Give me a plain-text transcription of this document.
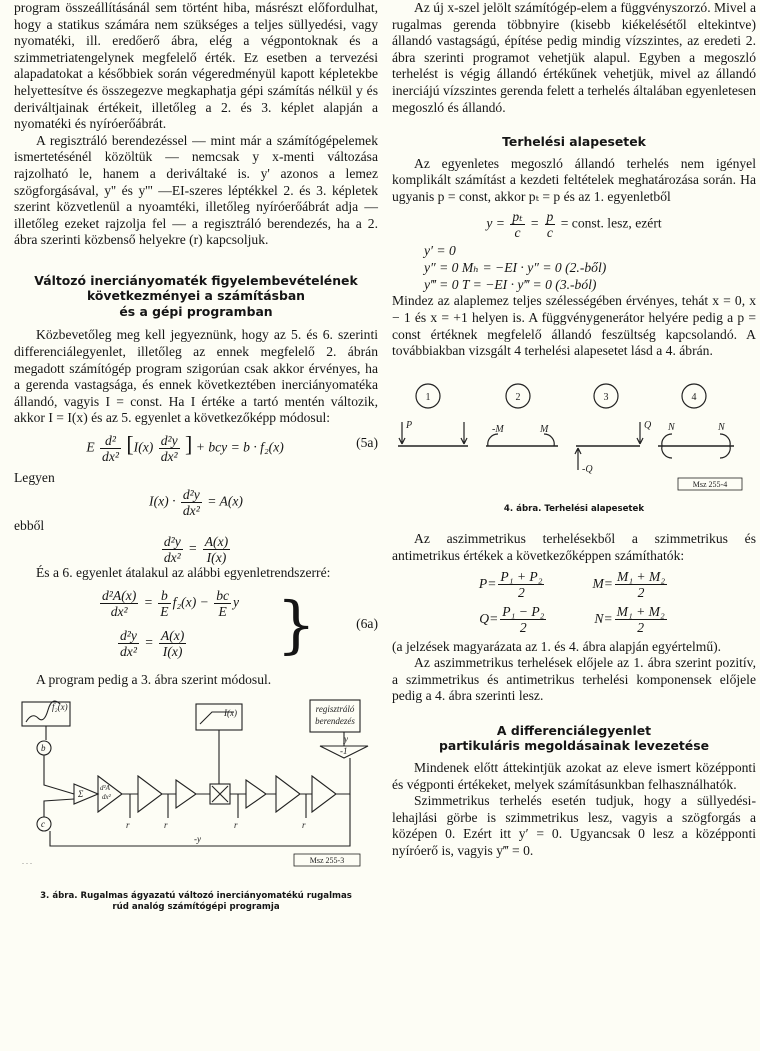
program összeállításánál sem történt hiba, másrészt előfordulhat, hogy a statikus számára nem szükséges a teljes süllyedési, vagy nyomatéki, ill. eredőerő ábra, elég a végpontoknak és a szimmetriatengelynek megfelelő érték. Ez esetben a tervezési alapadatokat a későbbiek során végeredményül kapott képletekbe helyettesítve és összegezve megkaphatja gépi számítás nélkül y és deriváltjainak értékeit, illetőleg a 2. és 3. képlet alapján a nyomatéki és nyíróerőábrát.

A regisztráló berendezéssel — mint már a számítógépelemek ismertetésénél közöltük — nemcsak y x-menti változása rajzolható le, hanem a deriváltaké is. y' azonos a lemez szögforgásával, y'' és y''' —EI-szeres léptékkel 2. és 3. képletek szerint közvetlenül a nyoamtéki, illetőleg nyíróerőábrát adja — illetőleg ezeket rajzolja fel — a regisztráló berendezés, ha a 2. ábra szerinti közbenső helyekre (r) kapcsoljuk.

Változó inerciányomaték figyelembevételének
következményei a számításban
és a gépi programban

Közbevetőleg meg kell jegyeznünk, hogy az 5. és 6. szerinti differenciálegyenlet, illetőleg az ennek megfelelő 2. ábrán megadott számítógép program szigorúan csak akkor érvényes, ha a gerenda vastagsága, és ennek következtében inerciányomatéka állandó, vagyis I = const. Ha I értéke a tartó mentén változik, akkor I = I(x) és az 5. egyenlet a következőképp módosul:

(5a)
E $\frac{\text{d²}}{\text{dx²}} [I(x) \frac{\text{d²y}}{\text{dx²}}$ ] + bcy = b · f₂(x)

Legyen

$I(x) \cdot \frac{\text{d²y}}{\text{dx²}} = A(x)$

ebből

$\frac{\text{d²y}}{\text{dx²}} = \frac{A(x)}{I(x)}$

És a 6. egyenlet átalakul az alábbi egyenletrendszerré:

$\frac{\text{d²A(x)}}{\text{dx²}} = \frac{b}{E} f_2(x) - \frac{bc}{E}$ y
$\frac{\text{d²y}}{\text{dx²}} = \frac{A(x)}{I(x)}$ }	(6a)

A program pedig a 3. ábra szerint módosul.

f₂(x)
I(x)	regisztráló
berendezés
b
Σ
d²A
dx²
-1
c	r	r	r	r
-y
y
. . .	Msz 255-3
3. ábra. Rugalmas ágyazatú változó inerciányomatékú rugalmas
rúd analóg számítógépi programja

Az új x-szel jelölt számítógép-elem a függvényszorzó. Mivel a rugalmas gerenda többnyire (kisebb kiékelésétől eltekintve) állandó vastagságú, építése pedig mindig vízszintes, az eredeti 2. ábra szerinti programot vehetjük alapul. Egyben a megoszló terhelést is végig állandó értékűnek vehetjük, mivel az állandó inerciájú vízszintes gerenda felett a terhelés általában egyenletesen megoszló és állandó.

Terhelési alapesetek

Az egyenletes megoszló állandó terhelés nem igényel komplikált számítást a kezdeti feltételek meghatározása során. Ha ugyanis p = const, akkor pₜ = p és az 1. egyenletből

$y = \frac{\text{pₜ}}{c} = \frac{p}{c}$ = const. lesz, ezért
y′ = 0
y″ = 0 Mₕ = −EI · y″ = 0 (2.-ből)
y‴ = 0 T = −EI · y‴ = 0 (3.-ból)

Mindez az alaplemez teljes szélességében érvényes, tehát x = 0, x − 1 és x = +1 helyen is. A függvénygenerátor helyére pedig a p = const értéknek megfelelő állandó feszültség kapcsolandó. A továbbiakban vizsgált 4 terhelési alapesetet lásd a 4. ábrán.

1	2	3	4
P	-M	M	Q
-Q
N	N
Msz 255-4
4. ábra. Terhelési alapesetek

Az aszimmetrikus terhelésekből a szimmetrikus és antimetrikus értékek a következőképpen számíthatók:

$P = \frac{\text{P₁ + P₂}}{2}$	$M = \frac{\text{M₁ + M₂}}{2}$
$Q = \frac{\text{P₁ − P₂}}{2}$	$N = \frac{\text{M₁ + M₂}}{2}$

(a jelzések magyarázata az 1. és 4. ábra alapján egyértelmű).

Az aszimmetrikus terhelések előjele az 1. ábra szerint pozitív, a szimmetrikus és antimetrikus terhelési komponensek előjele pedig a 4. ábra szerinti lesz.

A differenciálegyenlet
partikuláris megoldásainak levezetése

Mindenek előtt áttekintjük azokat az eleve ismert középponti és végponti értékeket, melyek számításunkban felhasználhatók.

Szimmetrikus terhelés esetén tudjuk, hogy a süllyedési-lehajlási görbe is szimmetrikus lesz, vagyis a szögforgás a középen 0. Ezért itt y′ = 0. Ugyancsak 0 lesz a középponti nyíróerő is, vagyis y‴ = 0.
